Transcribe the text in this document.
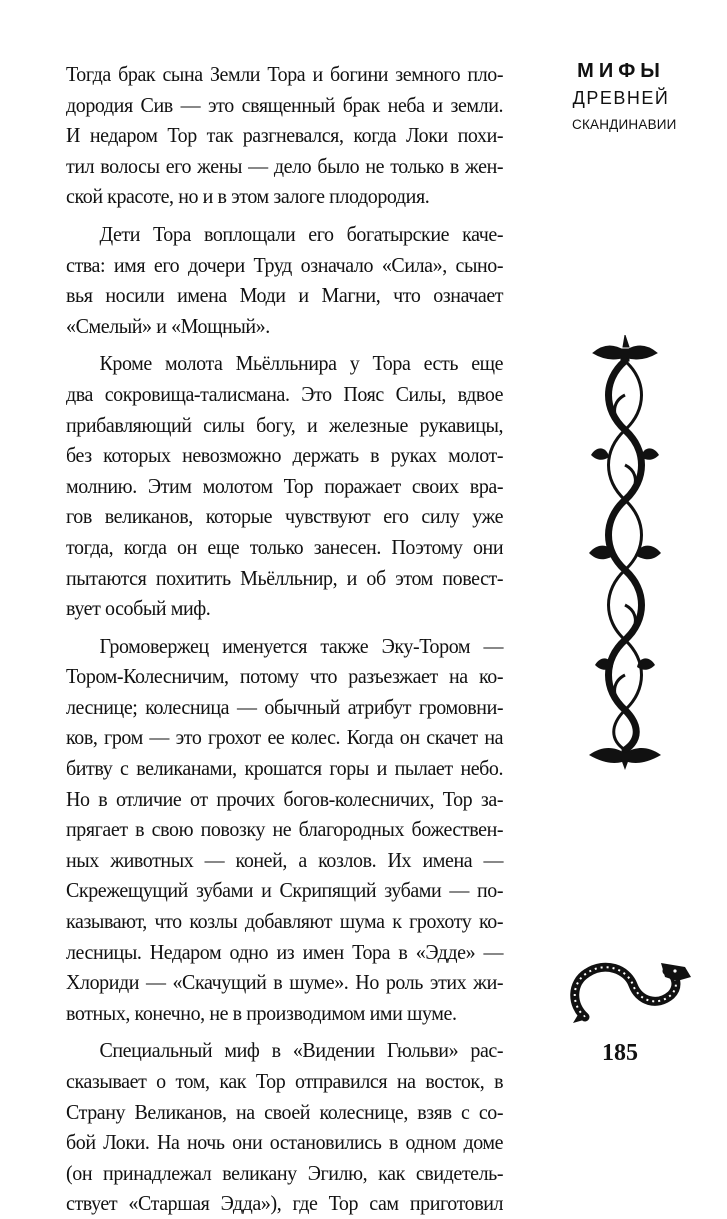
Тогда брак сына Земли Тора и богини земного пло-
дородия Сив — это священный брак неба и земли.
И недаром Тор так разгневался, когда Локи похи-
тил волосы его жены — дело было не только в жен-
ской красоте, но и в этом залоге плодородия.
Дети Тора воплощали его богатырские каче-
ства: имя его дочери Труд означало «Сила», сыно-
вья носили имена Моди и Магни, что означает
«Смелый» и «Мощный».
Кроме молота Мьёлльнира у Тора есть еще
два сокровища-талисмана. Это Пояс Силы, вдвое
прибавляющий силы богу, и железные рукавицы,
без которых невозможно держать в руках молот-
молнию. Этим молотом Тор поражает своих вра-
гов великанов, которые чувствуют его силу уже
тогда, когда он еще только занесен. Поэтому они
пытаются похитить Мьёлльнир, и об этом повест-
вует особый миф.
Громовержец именуется также Эку-Тором —
Тором-Колесничим, потому что разъезжает на ко-
леснице; колесница — обычный атрибут громовни-
ков, гром — это грохот ее колес. Когда он скачет на
битву с великанами, крошатся горы и пылает небо.
Но в отличие от прочих богов-колесничих, Тор за-
прягает в свою повозку не благородных божествен-
ных животных — коней, а козлов. Их имена —
Скрежещущий зубами и Скрипящий зубами — по-
казывают, что козлы добавляют шума к грохоту ко-
лесницы. Недаром одно из имен Тора в «Эдде» —
Хлориди — «Скачущий в шуме». Но роль этих жи-
вотных, конечно, не в производимом ими шуме.
Специальный миф в «Видении Гюльви» рас-
сказывает о том, как Тор отправился на восток, в
Страну Великанов, на своей колеснице, взяв с со-
бой Локи. На ночь они остановились в одном доме
(он принадлежал великану Эгилю, как свидетель-
ствует «Старшая Эдда»), где Тор сам приготовил
МИФЫ
ДРЕВНЕЙ
СКАНДИНАВИИ
185
